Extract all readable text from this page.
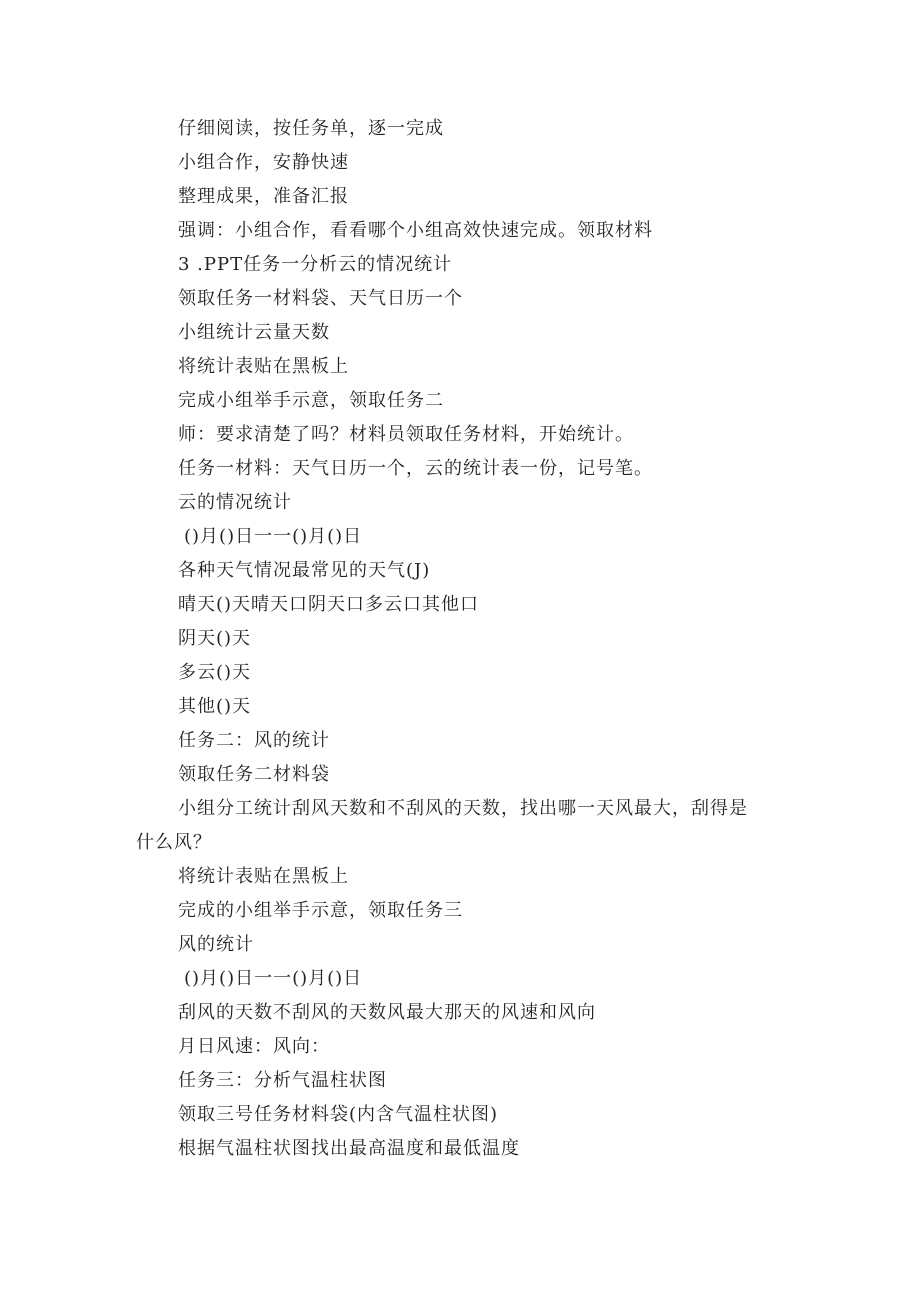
仔细阅读，按任务单，逐一完成
小组合作，安静快速
整理成果，准备汇报
强调：小组合作，看看哪个小组高效快速完成。领取材料
3 .PPT任务一分析云的情况统计
领取任务一材料袋、天气日历一个
小组统计云量天数
将统计表贴在黑板上
完成小组举手示意，领取任务二
师：要求清楚了吗？材料员领取任务材料，开始统计。
任务一材料：天气日历一个，云的统计表一份，记号笔。
云的情况统计
()月()日一一()月()日
各种天气情况最常见的天气(J)
晴天()天晴天口阴天口多云口其他口
阴天()天
多云()天
其他()天
任务二：风的统计
领取任务二材料袋
小组分工统计刮风天数和不刮风的天数，找出哪一天风最大，刮得是
什么风？
将统计表贴在黑板上
完成的小组举手示意，领取任务三
风的统计
()月()日一一()月()日
刮风的天数不刮风的天数风最大那天的风速和风向
月日风速：风向：
任务三：分析气温柱状图
领取三号任务材料袋(内含气温柱状图)
根据气温柱状图找出最高温度和最低温度
